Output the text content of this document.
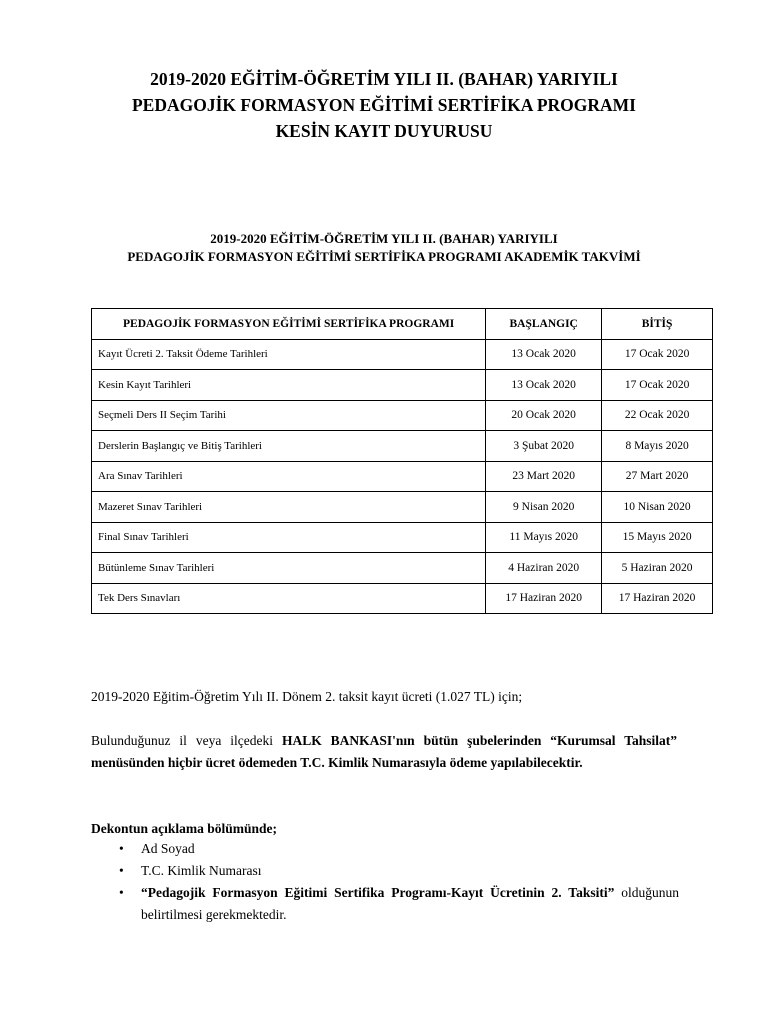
2019-2020 EĞİTİM-ÖĞRETİM YILI II. (BAHAR) YARIYILI
PEDAGOJİK FORMASYON EĞİTİMİ SERTİFİKA PROGRAMI
KESİN KAYIT DUYURUSU
2019-2020 EĞİTİM-ÖĞRETİM YILI II. (BAHAR) YARIYILI
PEDAGOJİK FORMASYON EĞİTİMİ SERTİFİKA PROGRAMI AKADEMİK TAKVİMİ
PEDAGOJİK FORMASYON EĞİTİMİ SERTİFİKA PROGRAMI	BAŞLANGIÇ	BİTİŞ
Kayıt Ücreti 2. Taksit Ödeme Tarihleri	13 Ocak 2020	17 Ocak 2020
Kesin Kayıt Tarihleri	13 Ocak 2020	17 Ocak 2020
Seçmeli Ders II Seçim Tarihi	20 Ocak 2020	22 Ocak 2020
Derslerin Başlangıç ve Bitiş Tarihleri	3 Şubat 2020	8 Mayıs 2020
Ara Sınav Tarihleri	23 Mart 2020	27 Mart 2020
Mazeret Sınav Tarihleri	9 Nisan 2020	10 Nisan 2020
Final Sınav Tarihleri	11 Mayıs 2020	15 Mayıs 2020
Bütünleme Sınav Tarihleri	4 Haziran 2020	5 Haziran 2020
Tek Ders Sınavları	17 Haziran 2020	17 Haziran 2020
2019-2020 Eğitim-Öğretim Yılı II. Dönem 2. taksit kayıt ücreti (1.027 TL) için;
Bulunduğunuz il veya ilçedeki HALK BANKASI'nın bütün şubelerinden “Kurumsal Tahsilat” menüsünden hiçbir ücret ödemeden T.C. Kimlik Numarasıyla ödeme yapılabilecektir.
Dekontun açıklama bölümünde;
• Ad Soyad
• T.C. Kimlik Numarası
• “Pedagojik Formasyon Eğitimi Sertifika Programı-Kayıt Ücretinin 2. Taksiti” olduğunun belirtilmesi gerekmektedir.
